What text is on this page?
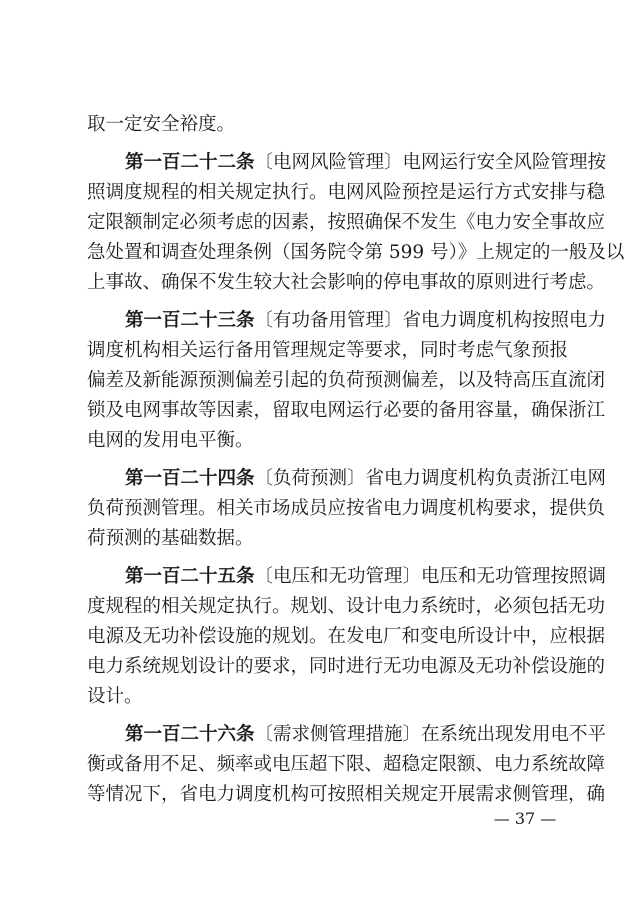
取一定安全裕度。
第一百二十二条〔电网风险管理〕电网运行安全风险管理按
照调度规程的相关规定执行。电网风险预控是运行方式安排与稳
定限额制定必须考虑的因素，按照确保不发生《电力安全事故应
急处置和调查处理条例（国务院令第 599 号）》上规定的一般及以
上事故、确保不发生较大社会影响的停电事故的原则进行考虑。
第一百二十三条〔有功备用管理〕省电力调度机构按照电力
调度机构相关运行备用管理规定等要求，同时考虑气象预报
偏差及新能源预测偏差引起的负荷预测偏差，以及特高压直流闭
锁及电网事故等因素，留取电网运行必要的备用容量，确保浙江
电网的发用电平衡。
第一百二十四条〔负荷预测〕省电力调度机构负责浙江电网
负荷预测管理。相关市场成员应按省电力调度机构要求，提供负
荷预测的基础数据。
第一百二十五条〔电压和无功管理〕电压和无功管理按照调
度规程的相关规定执行。规划、设计电力系统时，必须包括无功
电源及无功补偿设施的规划。在发电厂和变电所设计中，应根据
电力系统规划设计的要求，同时进行无功电源及无功补偿设施的
设计。
第一百二十六条〔需求侧管理措施〕在系统出现发用电不平
衡或备用不足、频率或电压超下限、超稳定限额、电力系统故障
等情况下，省电力调度机构可按照相关规定开展需求侧管理，确
— 37 —
